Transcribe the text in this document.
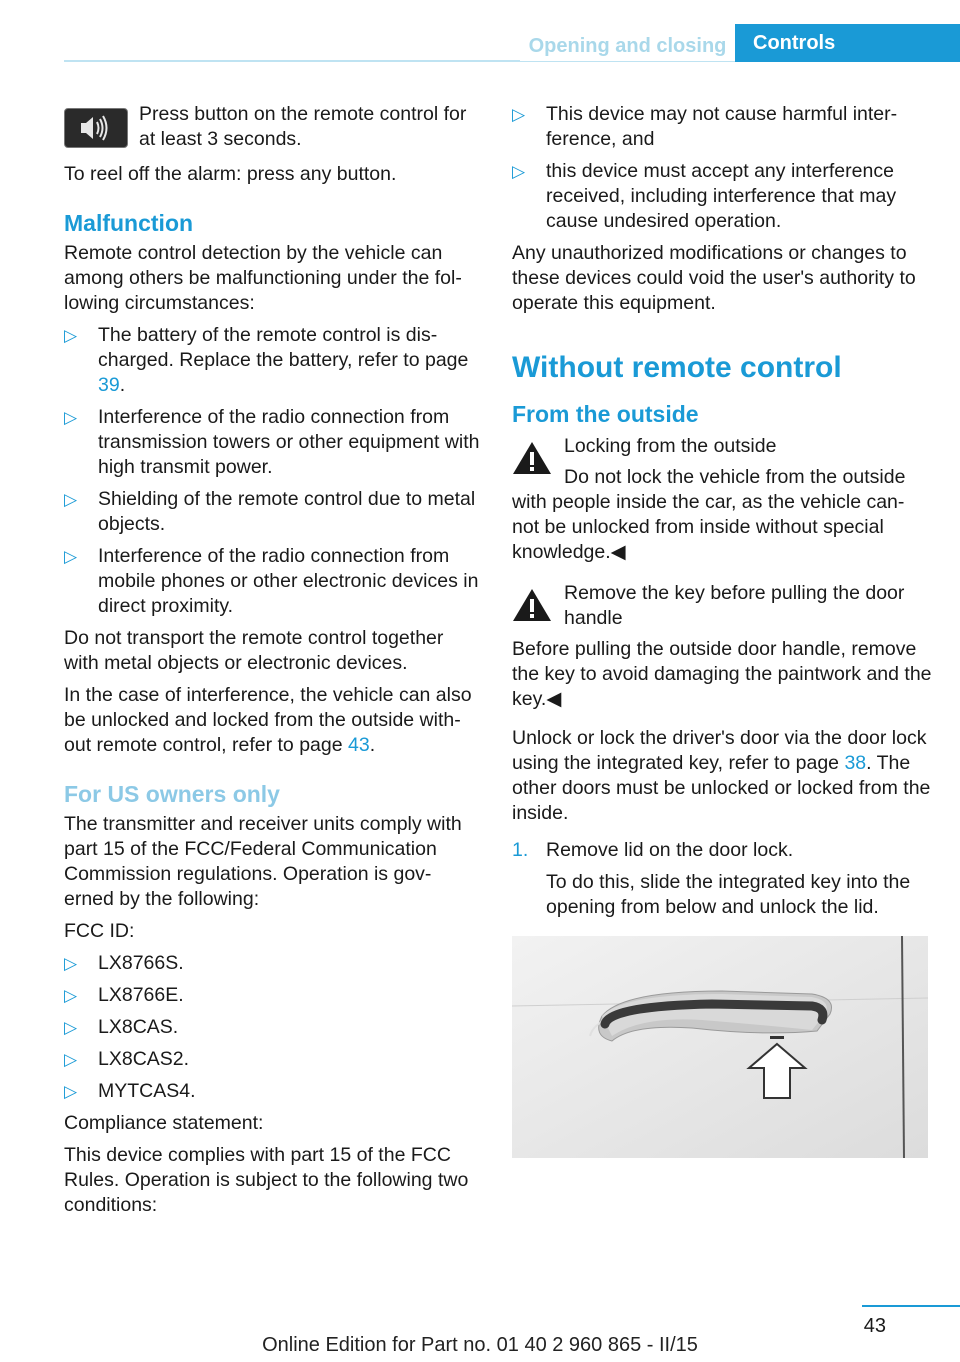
Opening and closing	Controls
Press button on the remote control for at least 3 seconds.

To reel off the alarm: press any button.

Malfunction

Remote control detection by the vehicle can among others be malfunctioning under the fol‐ lowing circumstances:

▷ The battery of the remote control is dis‐ charged. Replace the battery, refer to page 39.
▷ Interference of the radio connection from transmission towers or other equipment with high transmit power.
▷ Shielding of the remote control due to metal objects.
▷ Interference of the radio connection from mobile phones or other electronic devices in direct proximity.

Do not transport the remote control together with metal objects or electronic devices.

In the case of interference, the vehicle can also be unlocked and locked from the outside with‐ out remote control, refer to page 43.

For US owners only

The transmitter and receiver units comply with part 15 of the FCC/Federal Communication Commission regulations. Operation is gov‐ erned by the following:

FCC ID:

▷ LX8766S.
▷ LX8766E.
▷ LX8CAS.
▷ LX8CAS2.
▷ MYTCAS4.

Compliance statement:

This device complies with part 15 of the FCC Rules. Operation is subject to the following two conditions:

▷ This device may not cause harmful inter‐ ference, and
▷ this device must accept any interference received, including interference that may cause undesired operation.

Any unauthorized modifications or changes to these devices could void the user's authority to operate this equipment.

Without remote control
From the outside
Locking from the outside

Do not lock the vehicle from the outside with people inside the car, as the vehicle can‐ not be unlocked from inside without special knowledge.◀

Remove the key before pulling the door handle

Before pulling the outside door handle, remove the key to avoid damaging the paintwork and the key.◀

Unlock or lock the driver's door via the door lock using the integrated key, refer to page 38. The other doors must be unlocked or locked from the inside.

1. Remove lid on the door lock.
To do this, slide the integrated key into the opening from below and unlock the lid.
43
Online Edition for Part no. 01 40 2 960 865 - II/15
